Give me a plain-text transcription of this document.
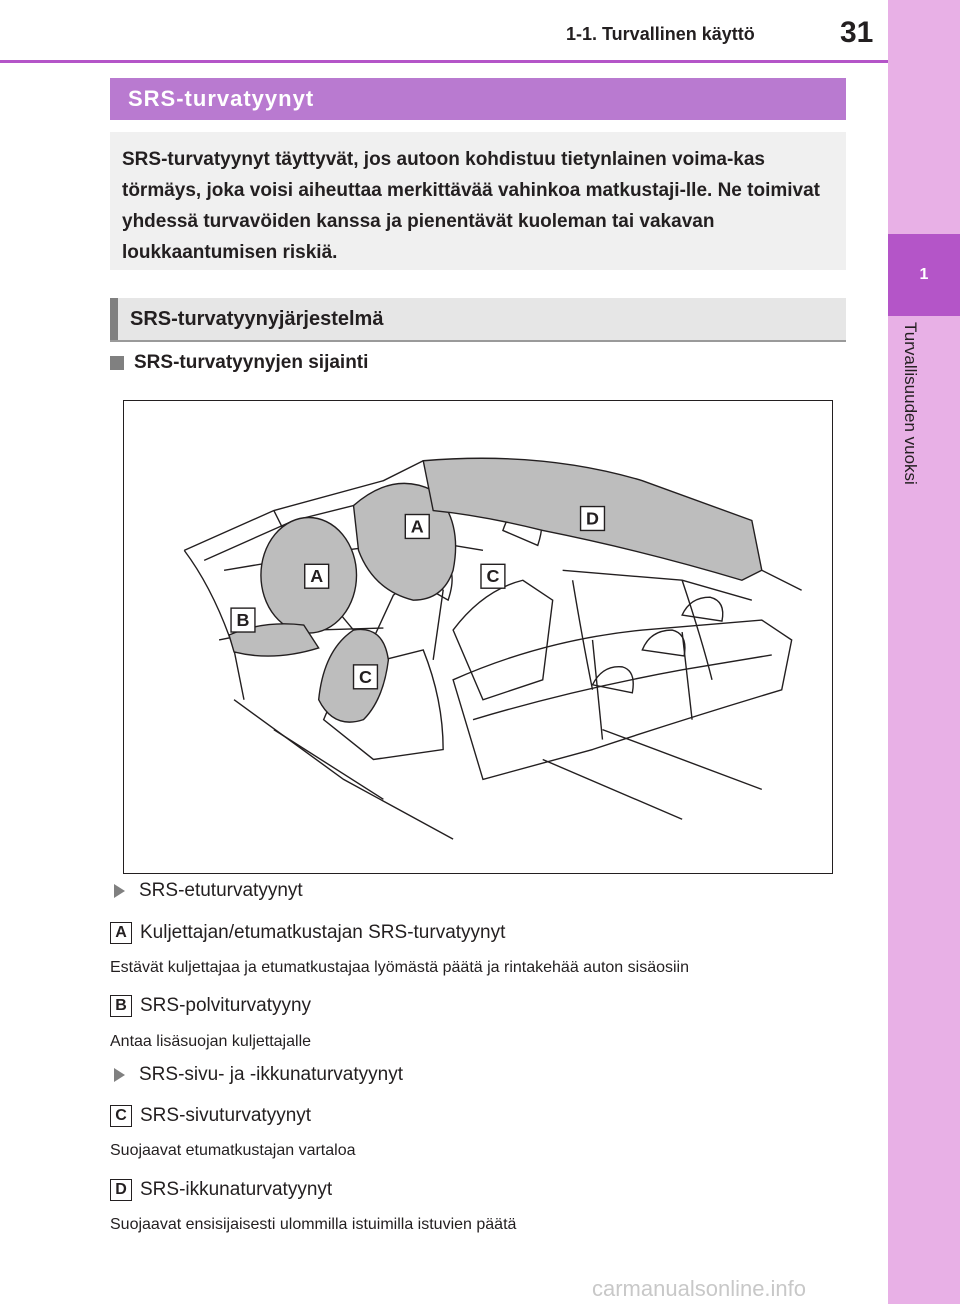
1
Turvallisuuden vuoksi
1-1. Turvallinen käyttö	31
SRS-turvatyynyt
SRS-turvatyynyt täyttyvät, jos autoon kohdistuu tietynlainen voima-kas törmäys, joka voisi aiheuttaa merkittävää vahinkoa matkustaji-lle. Ne toimivat yhdessä turvavöiden kanssa ja pienentävät kuoleman tai vakavan loukkaantumisen riskiä.
SRS-turvatyynyjärjestelmä
SRS-turvatyynyjen sijainti
A
A
B
C
C
D
SRS-etuturvatyynyt
A Kuljettajan/etumatkustajan SRS-turvatyynyt
Estävät kuljettajaa ja etumatkustajaa lyömästä päätä ja rintakehää auton sisäosiin
B SRS-polviturvatyyny
Antaa lisäsuojan kuljettajalle
SRS-sivu- ja -ikkunaturvatyynyt
C SRS-sivuturvatyynyt
Suojaavat etumatkustajan vartaloa
D SRS-ikkunaturvatyynyt
Suojaavat ensisijaisesti ulommilla istuimilla istuvien päätä
carmanualsonline.info
